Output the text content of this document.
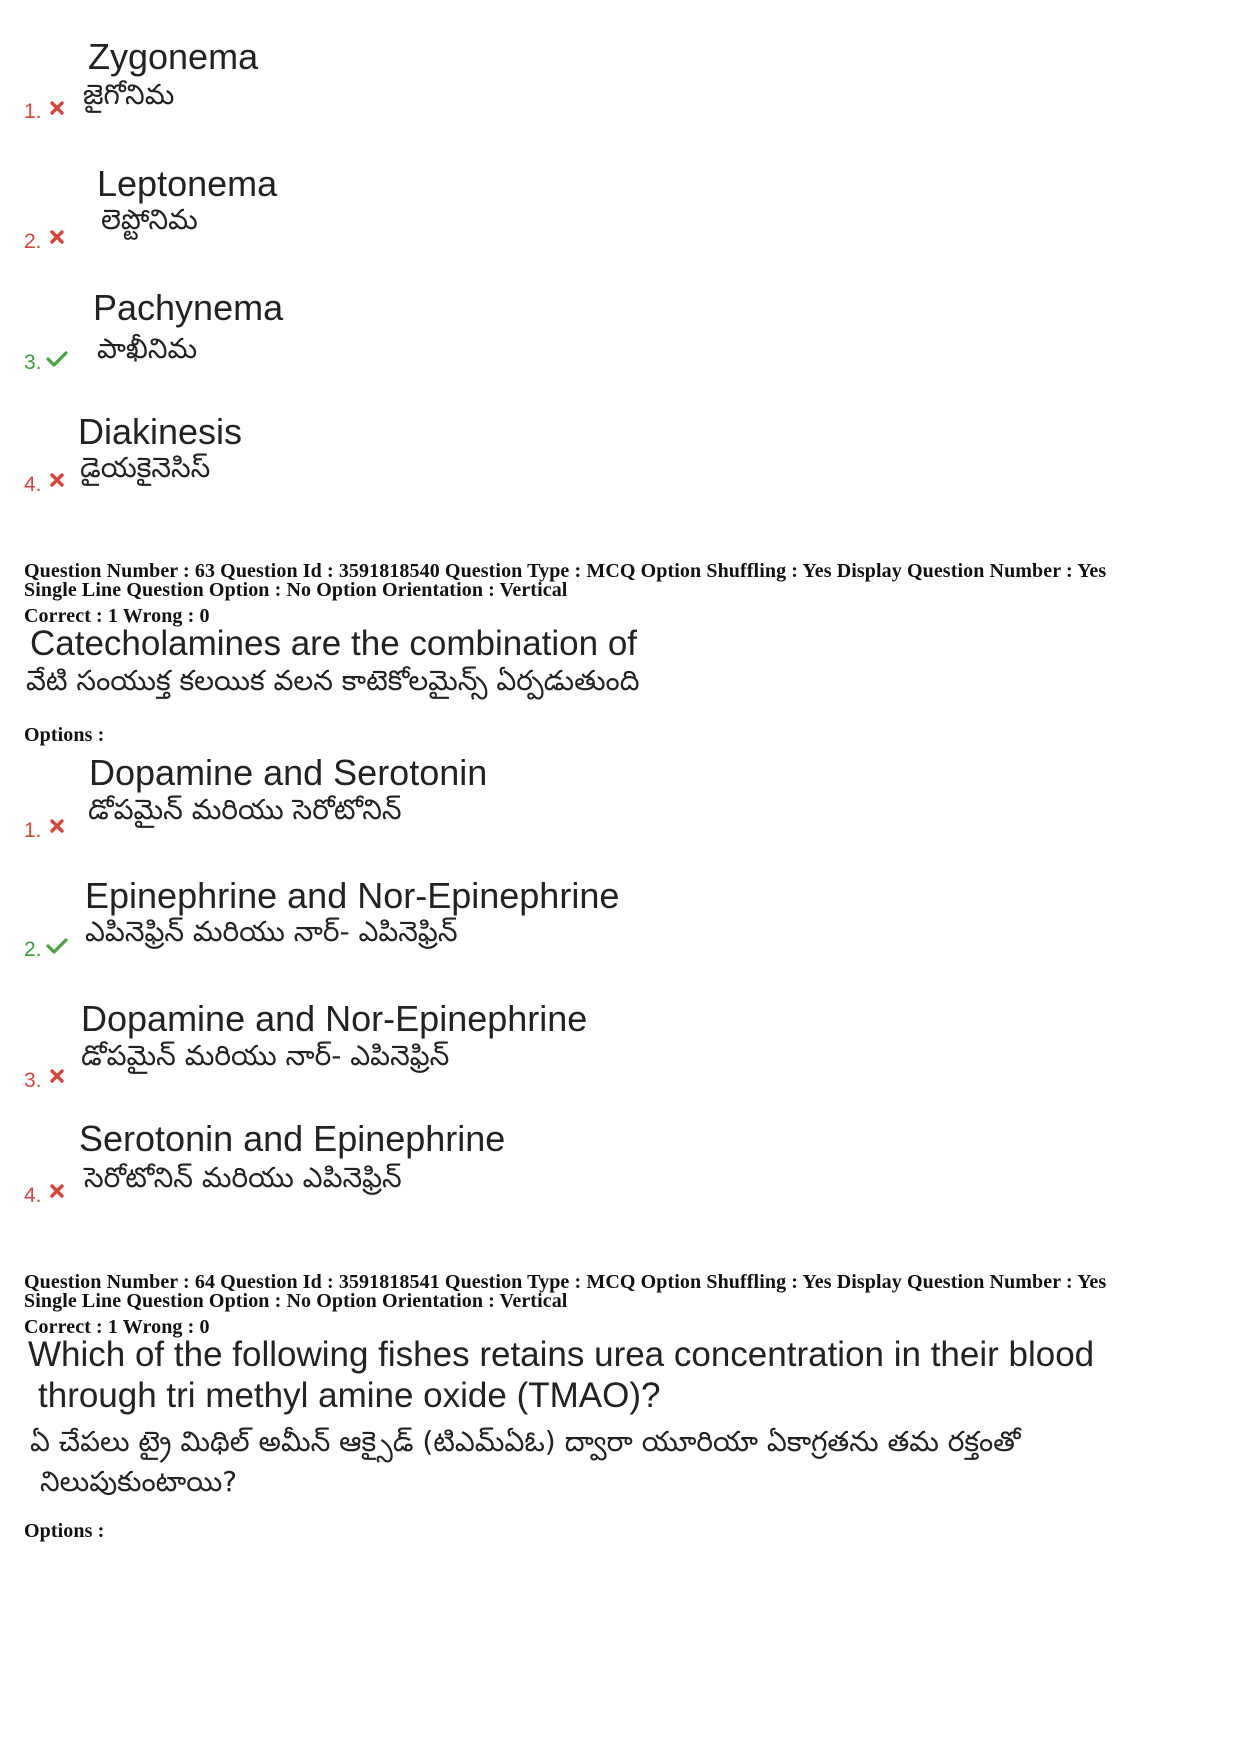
1.
Zygonema
జైగోనిమ
2.
Leptonema
లెప్టోనిమ
3.
Pachynema
పాఖీనిమ
4.
Diakinesis
డైయకైనెసిస్
Question Number : 63 Question Id : 3591818540 Question Type : MCQ Option Shuffling : Yes Display Question Number : Yes
Single Line Question Option : No Option Orientation : Vertical
Correct : 1 Wrong : 0
Catecholamines are the combination of
వేటి సంయుక్త కలయిక వలన కాటెకోలమైన్స్ ఏర్పడుతుంది
Options :
1.
Dopamine and Serotonin
డోపమైన్ మరియు సెరోటోనిన్
2.
Epinephrine and Nor-Epinephrine
ఎపినెఫ్రిన్ మరియు నార్- ఎపినెఫ్రిన్
3.
Dopamine and Nor-Epinephrine
డోపమైన్ మరియు నార్- ఎపినెఫ్రిన్
4.
Serotonin and Epinephrine
సెరోటోనిన్ మరియు ఎపినెఫ్రిన్
Question Number : 64 Question Id : 3591818541 Question Type : MCQ Option Shuffling : Yes Display Question Number : Yes
Single Line Question Option : No Option Orientation : Vertical
Correct : 1 Wrong : 0
Which of the following fishes retains urea concentration in their blood
through tri methyl amine oxide (TMAO)?
ఏ చేపలు ట్రై మిథిల్ అమీన్ ఆక్సైడ్ (టిఎమ్ఏఓ) ద్వారా యూరియా ఏకాగ్రతను తమ రక్తంతో
నిలుపుకుంటాయి?
Options :
